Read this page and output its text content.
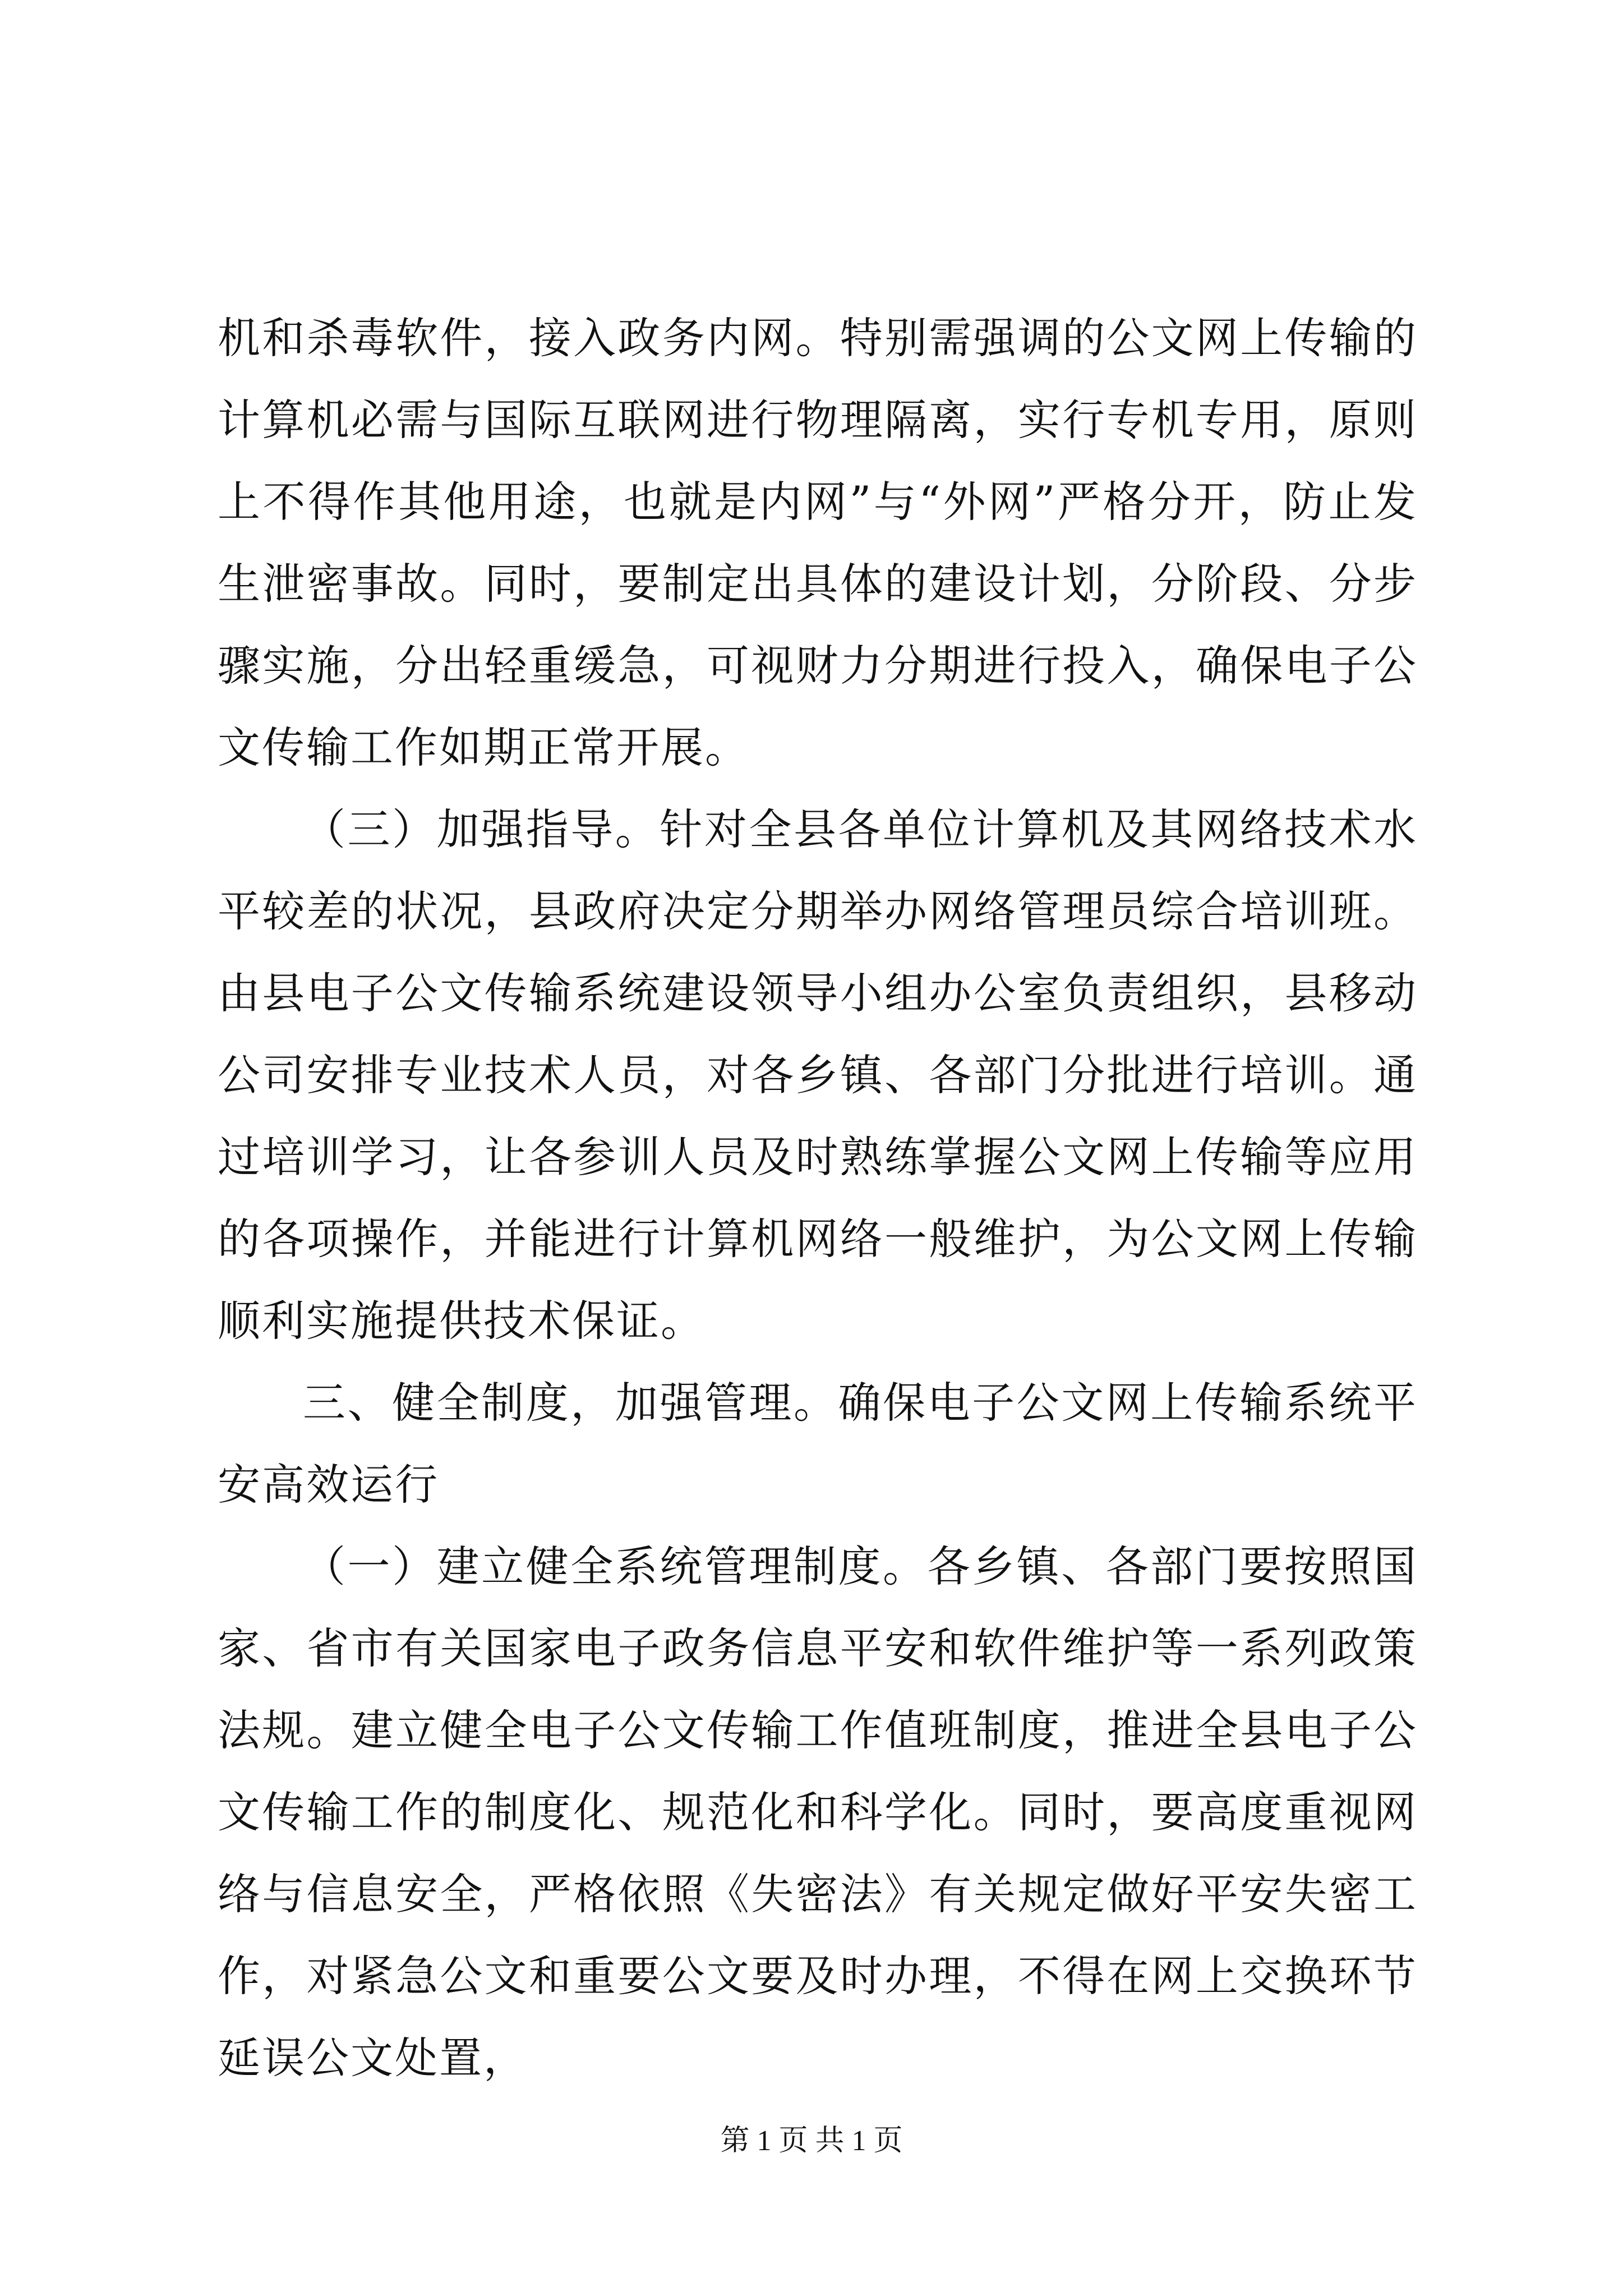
机和杀毒软件，接入政务内网。特别需强调的公文网上传输的计算机必需与国际互联网进行物理隔离，实行专机专用，原则上不得作其他用途，也就是内网”与“外网”严格分开，防止发生泄密事故。同时，要制定出具体的建设计划，分阶段、分步骤实施，分出轻重缓急，可视财力分期进行投入，确保电子公文传输工作如期正常开展。

（三）加强指导。针对全县各单位计算机及其网络技术水平较差的状况，县政府决定分期举办网络管理员综合培训班。由县电子公文传输系统建设领导小组办公室负责组织，县移动公司安排专业技术人员，对各乡镇、各部门分批进行培训。通过培训学习，让各参训人员及时熟练掌握公文网上传输等应用的各项操作，并能进行计算机网络一般维护，为公文网上传输顺利实施提供技术保证。

三、健全制度，加强管理。确保电子公文网上传输系统平安高效运行

（一）建立健全系统管理制度。各乡镇、各部门要按照国家、省市有关国家电子政务信息平安和软件维护等一系列政策法规。建立健全电子公文传输工作值班制度，推进全县电子公文传输工作的制度化、规范化和科学化。同时，要高度重视网络与信息安全，严格依照《失密法》有关规定做好平安失密工作，对紧急公文和重要公文要及时办理，不得在网上交换环节延误公文处置，

第 1 页 共 1 页
